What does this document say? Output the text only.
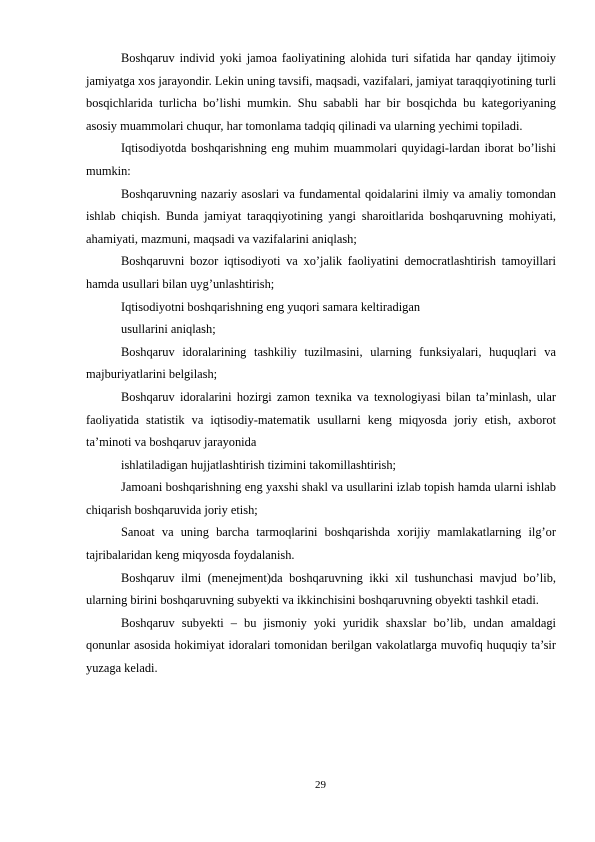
Boshqaruv individ yoki jamoa faoliyatining alohida turi sifatida har qanday ijtimoiy jamiyatga xos jarayondir. Lekin uning tavsifi, maqsadi, vazifalari, jamiyat taraqqiyotining turli bosqichlarida turlicha bo’lishi mumkin. Shu sababli har bir bosqichda bu kategoriyaning asosiy muammolari chuqur, har tomonlama tadqiq qilinadi va ularning yechimi topiladi.

Iqtisodiyotda boshqarishning eng muhim muammolari quyidagi-lardan iborat bo’lishi mumkin:

Boshqaruvning nazariy asoslari va fundamental qoidalarini ilmiy va amaliy tomondan ishlab chiqish. Bunda jamiyat taraqqiyotining yangi sharoitlarida boshqaruvning mohiyati, ahamiyati, mazmuni, maqsadi va vazifalarini aniqlash;

Boshqaruvni bozor iqtisodiyoti va xo’jalik faoliyatini democratlashtirish tamoyillari hamda usullari bilan uyg’unlashtirish;

Iqtisodiyotni boshqarishning eng yuqori samara keltiradigan

usullarini aniqlash;

Boshqaruv idoralarining tashkiliy tuzilmasini, ularning funksiyalari, huquqlari va majburiyatlarini belgilash;

Boshqaruv idoralarini hozirgi zamon texnika va texnologiyasi bilan ta’minlash, ular faoliyatida statistik va iqtisodiy-matematik usullarni keng miqyosda joriy etish, axborot ta’minoti va boshqaruv jarayonida

ishlatiladigan hujjatlashtirish tizimini takomillashtirish;

Jamoani boshqarishning eng yaxshi shakl va usullarini izlab topish hamda ularni ishlab chiqarish boshqaruvida joriy etish;

Sanoat va uning barcha tarmoqlarini boshqarishda xorijiy mamlakatlarning ilg’or tajribalaridan keng miqyosda foydalanish.

Boshqaruv ilmi (menejment)da boshqaruvning ikki xil tushunchasi mavjud bo’lib, ularning birini boshqaruvning subyekti va ikkinchisini boshqaruvning obyekti tashkil etadi.

Boshqaruv subyekti – bu jismoniy yoki yuridik shaxslar bo’lib, undan amaldagi qonunlar asosida hokimiyat idoralari tomonidan berilgan vakolatlarga muvofiq huquqiy ta’sir yuzaga keladi.

29
